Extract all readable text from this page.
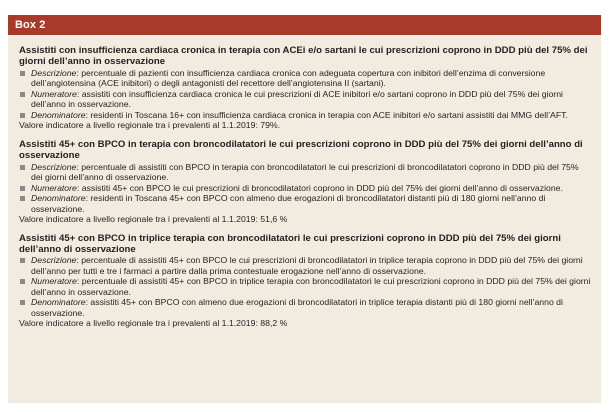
Box 2
Assistiti con insufficienza cardiaca cronica in terapia con ACEi e/o sartani le cui prescrizioni coprono in DDD più del 75% dei giorni dell’anno in osservazione
Descrizione: percentuale di pazienti con insufficienza cardiaca cronica con adeguata copertura con inibitori dell’enzima di conversione dell’angiotensina (ACE inibitori) o degli antagonisti del recettore dell’angiotensina II (sartani).
Numeratore: assistiti con insufficienza cardiaca cronica le cui prescrizioni di ACE inibitori e/o sartani coprono in DDD più del 75% dei giorni dell’anno in osservazione.
Denominatore: residenti in Toscana 16+ con insufficienza cardiaca cronica in terapia con ACE inibitori e/o sartani assistiti dai MMG dell’AFT.
Valore indicatore a livello regionale tra i prevalenti al 1.1.2019: 79%.
Assistiti 45+ con BPCO in terapia con broncodilatatori le cui prescrizioni coprono in DDD più del 75% dei giorni dell’anno di osservazione
Descrizione: percentuale di assistiti con BPCO in terapia con broncodilatatori le cui prescrizioni di broncodilatatori coprono in DDD più del 75% dei giorni dell’anno di osservazione.
Numeratore: assistiti 45+ con BPCO le cui prescrizioni di broncodilatatori coprono in DDD più del 75% dei giorni dell’anno di osservazione.
Denominatore: residenti in Toscana 45+ con BPCO con almeno due erogazioni di broncodilatatori distanti più di 180 giorni nell’anno di osservazione.
Valore indicatore a livello regionale tra i prevalenti al 1.1.2019: 51,6 %
Assistiti 45+ con BPCO in triplice terapia con broncodilatatori le cui prescrizioni coprono in DDD più del 75% dei giorni dell’anno di osservazione
Descrizione: percentuale di assistiti 45+ con BPCO le cui prescrizioni di broncodilatatori in triplice terapia coprono in DDD più del 75% dei giorni dell’anno per tutti e tre i farmaci a partire dalla prima contestuale erogazione nell’anno di osservazione.
Numeratore: percentuale di assistiti 45+ con BPCO in triplice terapia con broncodilatatori le cui prescrizioni coprono in DDD più del 75% dei giorni dell’anno in osservazione.
Denominatore: assistiti 45+ con BPCO con almeno due erogazioni di broncodilatatori in triplice terapia distanti più di 180 giorni nell’anno di osservazione.
Valore indicatore a livello regionale tra i prevalenti al 1.1.2019: 88,2 %
